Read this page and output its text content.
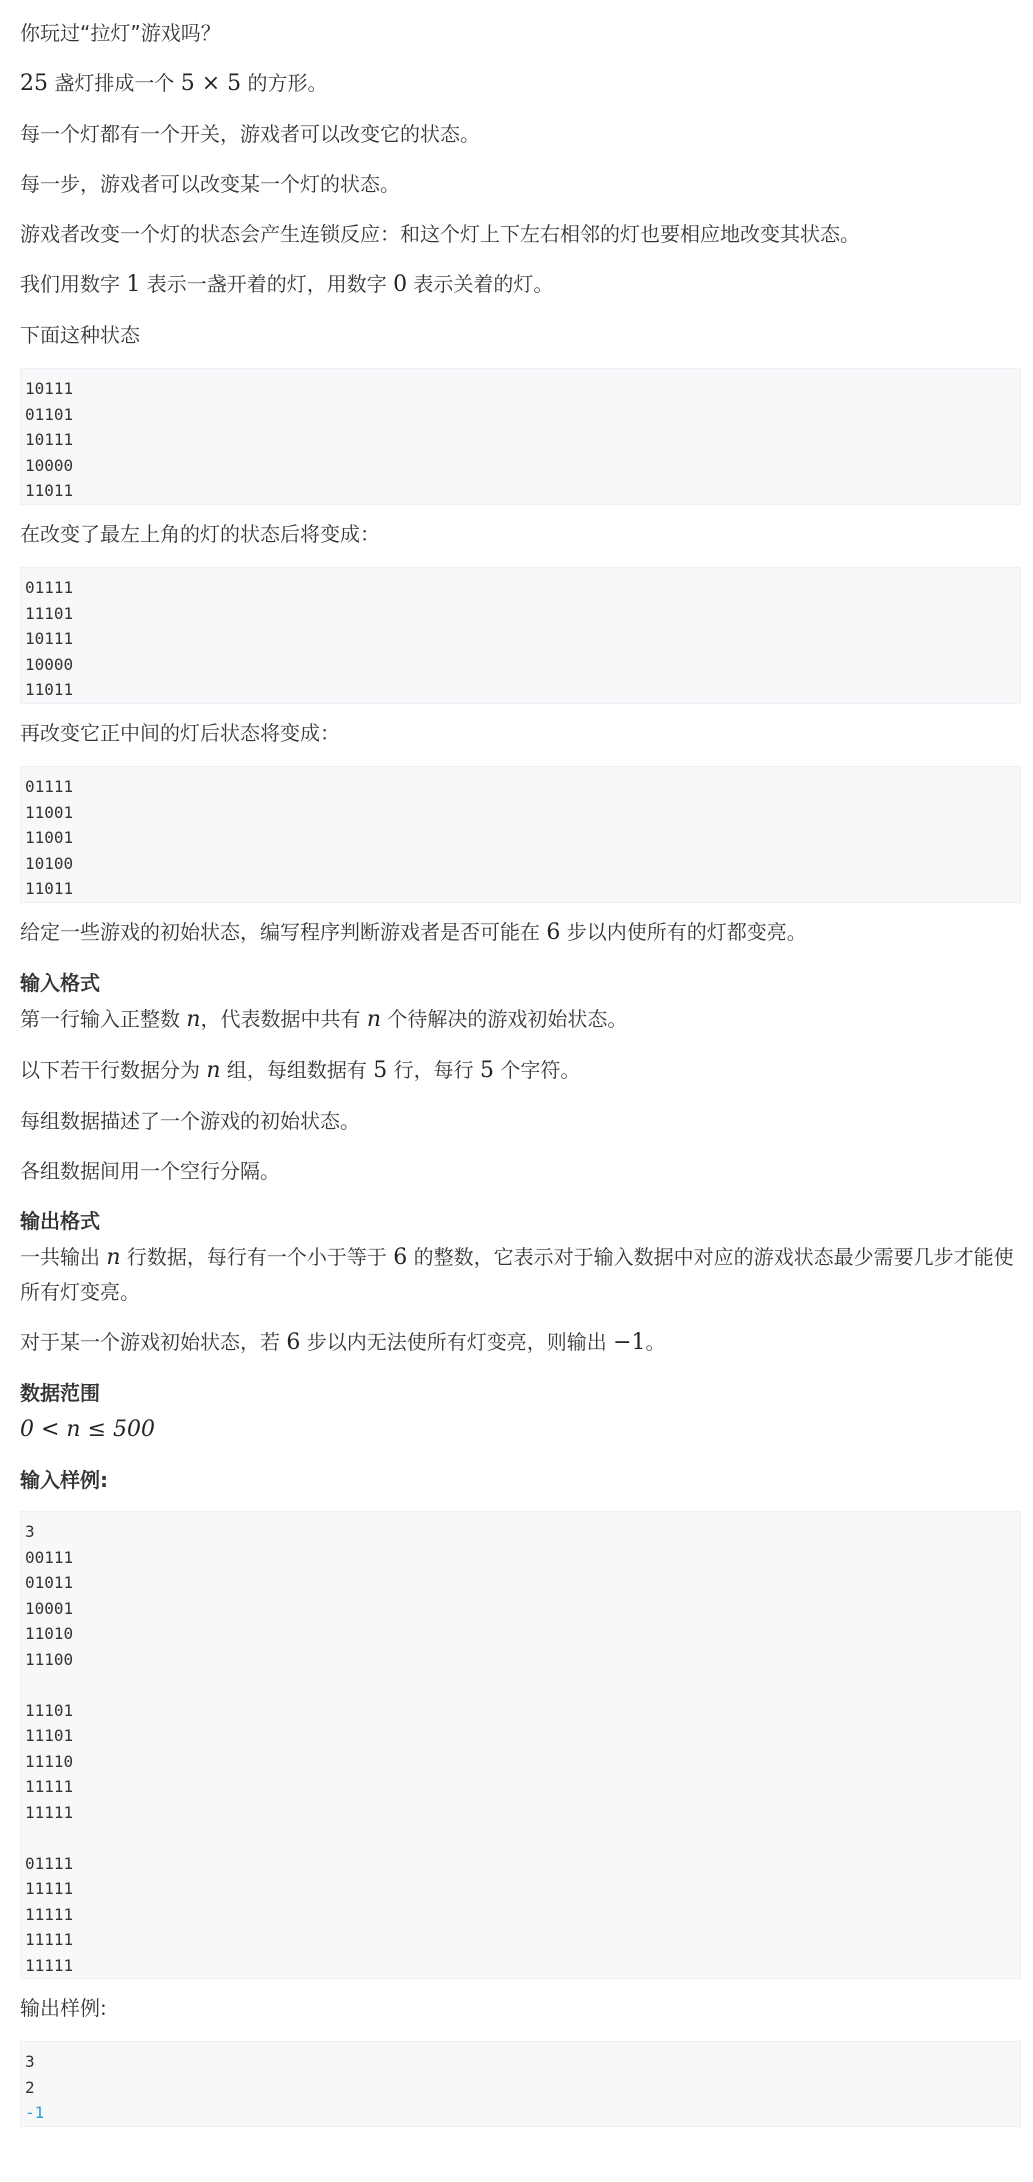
你玩过“拉灯”游戏吗？

25 盏灯排成一个 5 × 5 的方形。

每一个灯都有一个开关，游戏者可以改变它的状态。

每一步，游戏者可以改变某一个灯的状态。

游戏者改变一个灯的状态会产生连锁反应：和这个灯上下左右相邻的灯也要相应地改变其状态。

我们用数字 1 表示一盏开着的灯，用数字 0 表示关着的灯。

下面这种状态

10111
01101
10111
10000
11011

在改变了最左上角的灯的状态后将变成：

01111
11101
10111
10000
11011

再改变它正中间的灯后状态将变成：

01111
11001
11001
10100
11011

给定一些游戏的初始状态，编写程序判断游戏者是否可能在 6 步以内使所有的灯都变亮。

输入格式

第一行输入正整数 n，代表数据中共有 n 个待解决的游戏初始状态。

以下若干行数据分为 n 组，每组数据有 5 行，每行 5 个字符。

每组数据描述了一个游戏的初始状态。

各组数据间用一个空行分隔。

输出格式

一共输出 n 行数据，每行有一个小于等于 6 的整数，它表示对于输入数据中对应的游戏状态最少需要几步才能使
所有灯变亮。

对于某一个游戏初始状态，若 6 步以内无法使所有灯变亮，则输出 −1。

数据范围

0 < n ≤ 500

输入样例:

3
00111
01011
10001
11010
11100
11101
11101
11110
11111
11111
01111
11111
11111
11111
11111

输出样例:

3
2
-1
